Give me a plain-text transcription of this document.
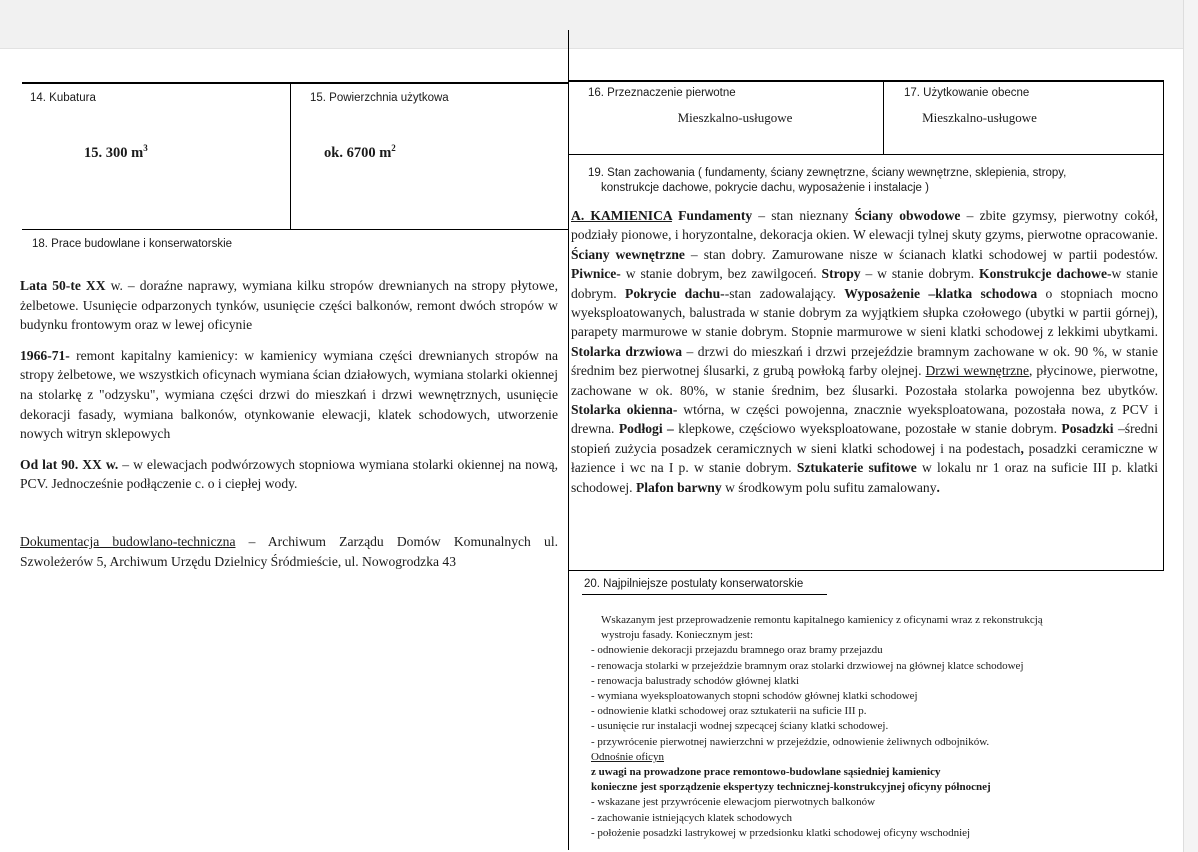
14. Kubatura
15. 300 $m^3$
15. Powierzchnia użytkowa
ok. 6700 $m^2$
16. Przeznaczenie pierwotne
Mieszkalno-usługowe
17. Użytkowanie obecne
Mieszkalno-usługowe
18. Prace budowlane i konserwatorskie

Lata 50-te XX w. – doraźne naprawy, wymiana kilku stropów drewnianych na stropy płytowe, żelbetowe. Usunięcie odparzonych tynków, usunięcie części balkonów, remont dwóch stropów w budynku frontowym oraz w lewej oficynie

1966-71- remont kapitalny kamienicy: w kamienicy wymiana części drewnianych stropów na stropy żelbetowe, we wszystkich oficynach wymiana ścian działowych, wymiana stolarki okiennej na stolarkę z "odzysku", wymiana części drzwi do mieszkań i drzwi wewnętrznych, usunięcie dekoracji fasady, wymiana balkonów, otynkowanie elewacji, klatek schodowych, utworzenie nowych witryn sklepowych

Od lat 90. XX w. – w elewacjach podwórzowych stopniowa wymiana stolarki okiennej na nową, PCV. Jednocześnie podłączenie c. o i ciepłej wody.

Dokumentacja budowlano-techniczna – Archiwum Zarządu Domów Komunalnych ul. Szwoleżerów 5, Archiwum Urzędu Dzielnicy Śródmieście, ul. Nowogrodzka 43

19. Stan zachowania ( fundamenty, ściany zewnętrzne, ściany wewnętrzne, sklepienia, stropy,
konstrukcje dachowe, pokrycie dachu, wyposażenie i instalacje )
A. KAMIENICA Fundamenty – stan nieznany Ściany obwodowe – zbite gzymsy, pierwotny cokół, podziały pionowe, i horyzontalne, dekoracja okien. W elewacji tylnej skuty gzyms, pierwotne opracowanie. Ściany wewnętrzne – stan dobry. Zamurowane nisze w ścianach klatki schodowej w partii podestów. Piwnice- w stanie dobrym, bez zawilgoceń. Stropy – w stanie dobrym. Konstrukcje dachowe-w stanie dobrym. Pokrycie dachu--stan zadowalający. Wyposażenie –klatka schodowa o stopniach mocno wyeksploatowanych, balustrada w stanie dobrym za wyjątkiem słupka czołowego (ubytki w partii górnej), parapety marmurowe w stanie dobrym. Stopnie marmurowe w sieni klatki schodowej z lekkimi ubytkami. Stolarka drzwiowa – drzwi do mieszkań i drzwi przejeździe bramnym zachowane w ok. 90 %, w stanie średnim bez pierwotnej ślusarki, z grubą powłoką farby olejnej. Drzwi wewnętrzne, płycinowe, pierwotne, zachowane w ok. 80%, w stanie średnim, bez ślusarki. Pozostała stolarka powojenna bez ubytków. Stolarka okienna- wtórna, w części powojenna, znacznie wyeksploatowana, pozostała nowa, z PCV i drewna. Podłogi – klepkowe, częściowo wyeksploatowane, pozostałe w stanie dobrym. Posadzki –średni stopień zużycia posadzek ceramicznych w sieni klatki schodowej i na podestach, posadzki ceramiczne w łazience i wc na I p. w stanie dobrym. Sztukaterie sufitowe w lokalu nr 1 oraz na suficie III p. klatki schodowej. Plafon barwny w środkowym polu sufitu zamalowany.
20. Najpilniejsze postulaty konserwatorskie
Wskazanym jest przeprowadzenie remontu kapitalnego kamienicy z oficynami wraz z rekonstrukcją
wystroju fasady. Koniecznym jest:
- odnowienie dekoracji przejazdu bramnego oraz bramy przejazdu
- renowacja stolarki w przejeździe bramnym oraz stolarki drzwiowej na głównej klatce schodowej
- renowacja balustrady schodów głównej klatki
- wymiana wyeksploatowanych stopni schodów głównej klatki schodowej
- odnowienie klatki schodowej oraz sztukaterii na suficie III p.
- usunięcie rur instalacji wodnej szpecącej ściany klatki schodowej.
- przywrócenie pierwotnej nawierzchni w przejeździe, odnowienie żeliwnych odbojników.
Odnośnie oficyn
z uwagi na prowadzone prace remontowo-budowlane sąsiedniej kamienicy
konieczne jest sporządzenie ekspertyzy technicznej-konstrukcyjnej oficyny północnej
- wskazane jest przywrócenie elewacjom pierwotnych balkonów
- zachowanie istniejących klatek schodowych
- położenie posadzki lastrykowej w przedsionku klatki schodowej oficyny wschodniej
